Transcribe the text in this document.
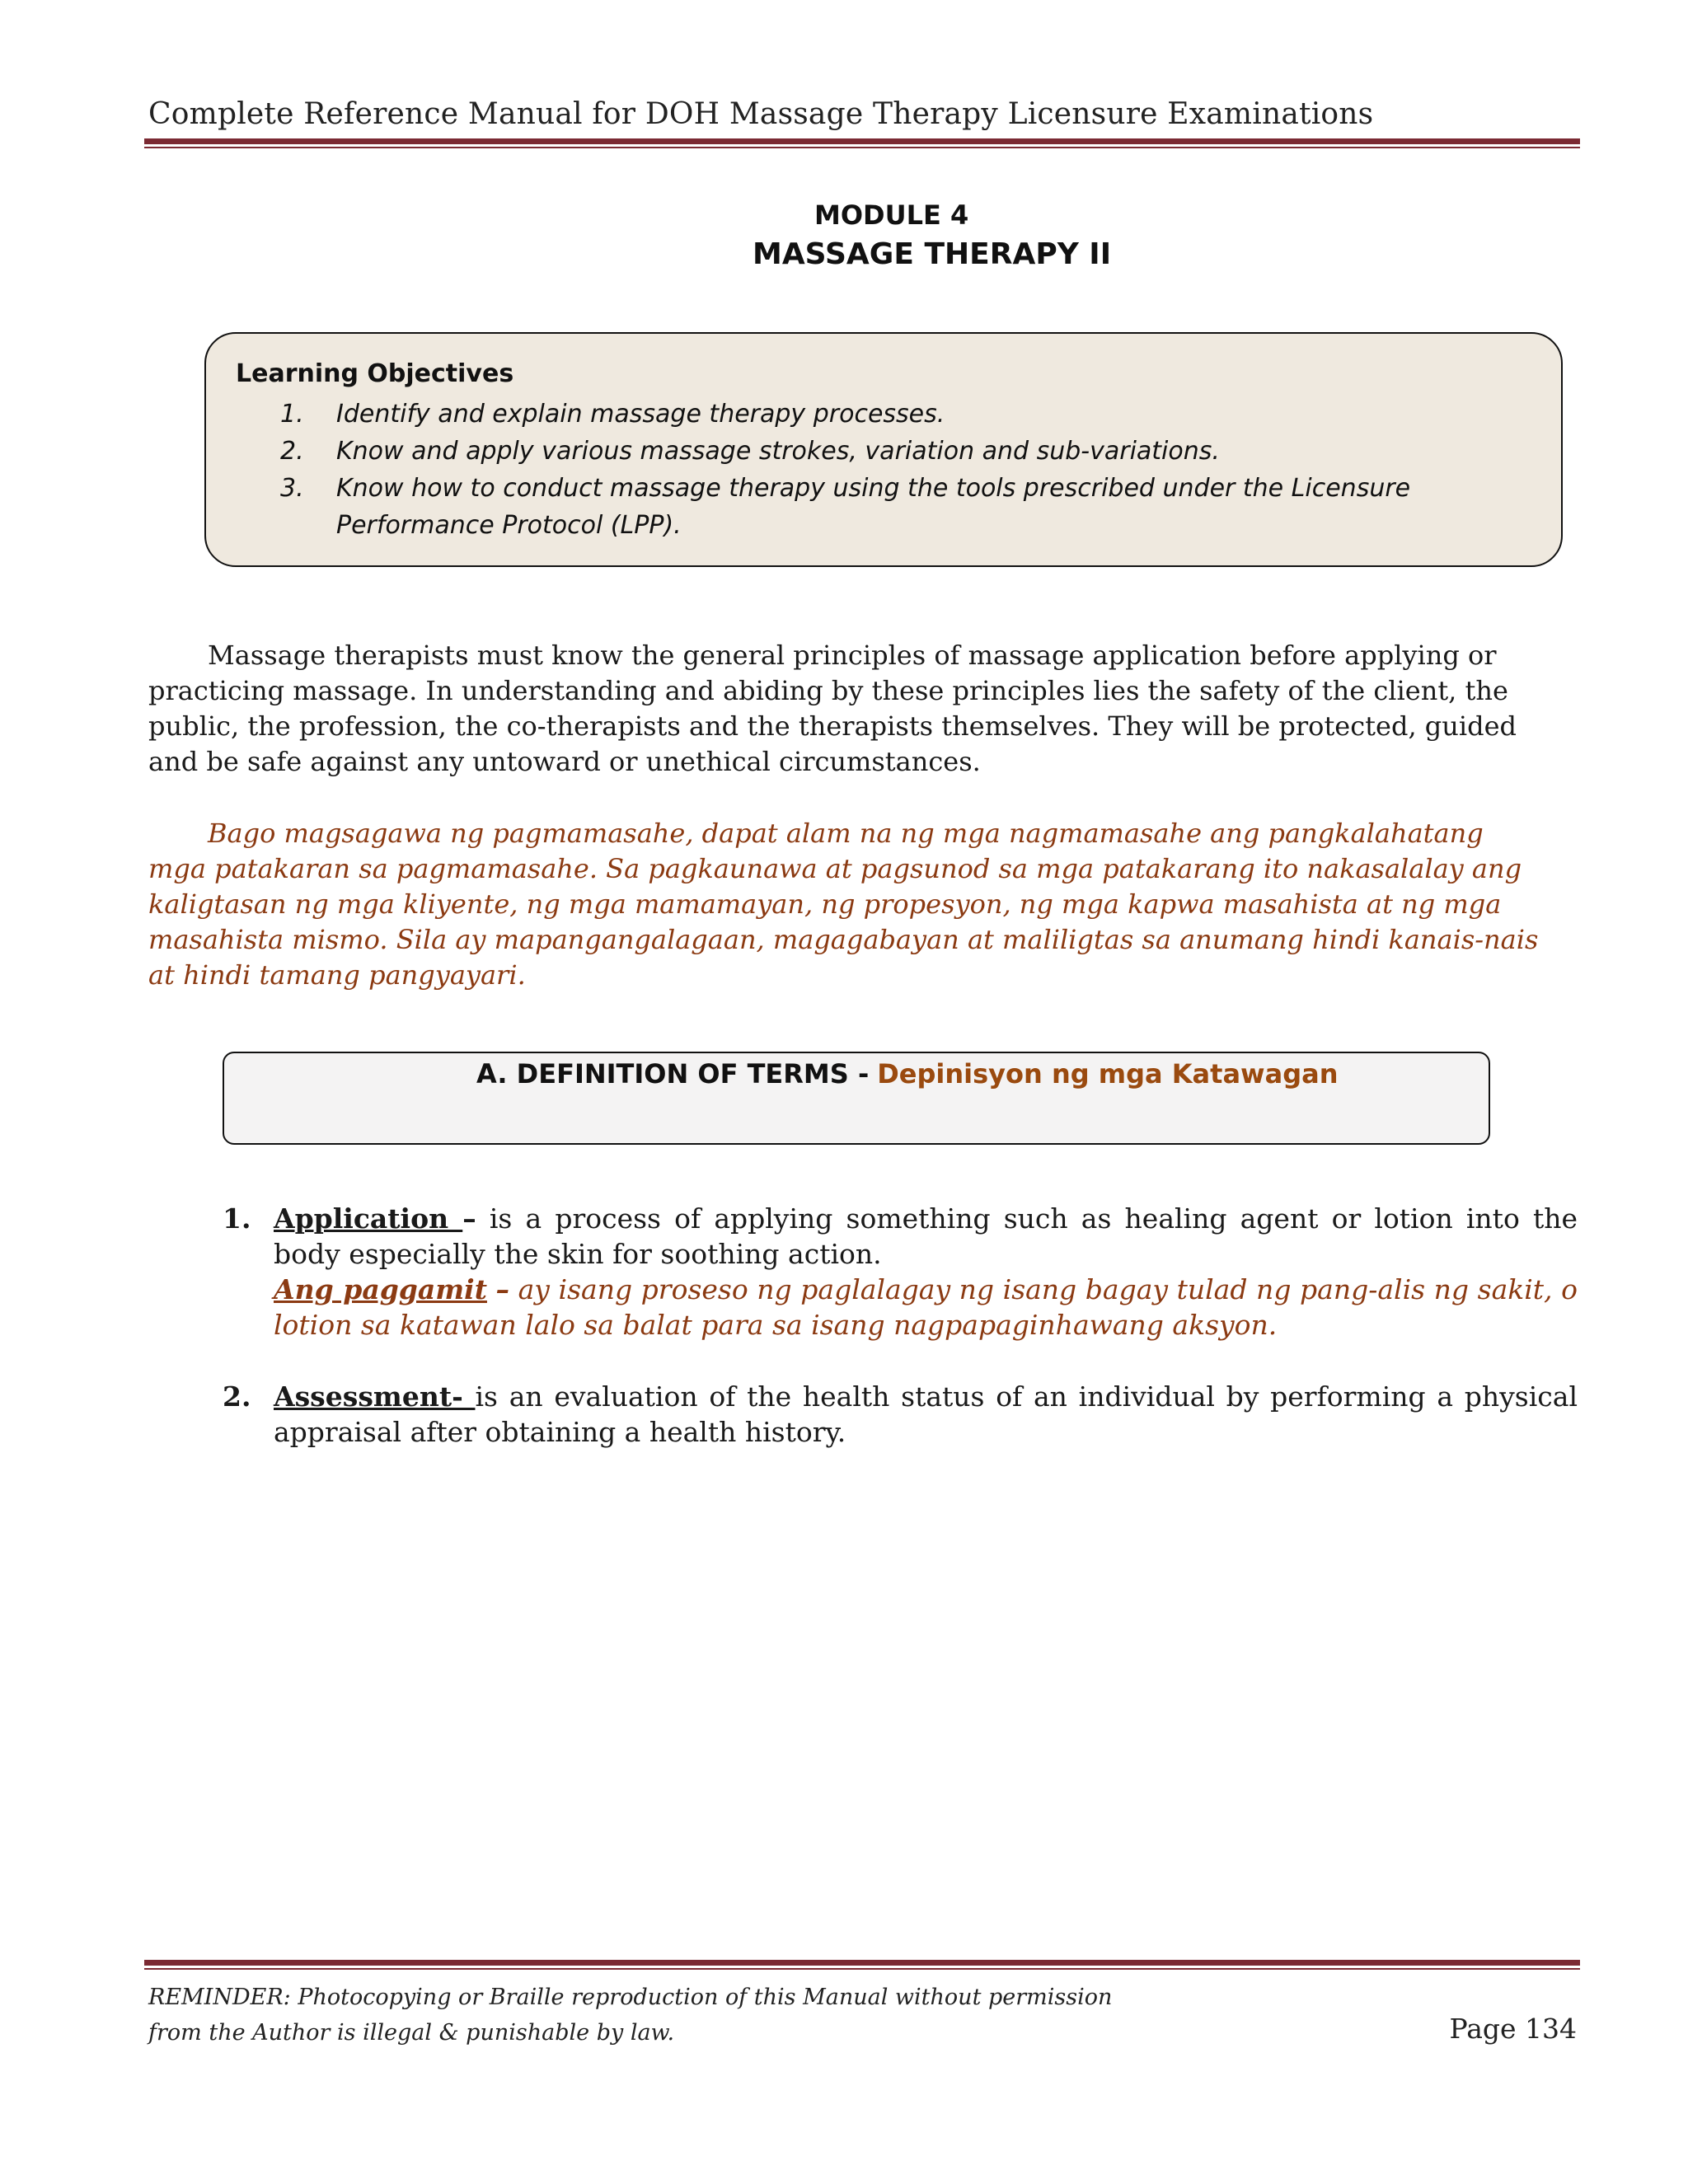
Complete Reference Manual for DOH Massage Therapy Licensure Examinations
MODULE 4
MASSAGE THERAPY II
Learning Objectives
1.	Identify and explain massage therapy processes.
2.	Know and apply various massage strokes, variation and sub-variations.
3.	Know how to conduct massage therapy using the tools prescribed under the Licensure Performance Protocol (LPP).
Massage therapists must know the general principles of massage application before applying or practicing massage. In understanding and abiding by these principles lies the safety of the client, the public, the profession, the co-therapists and the therapists themselves. They will be protected, guided and be safe against any untoward or unethical circumstances.
Bago magsagawa ng pagmamasahe, dapat alam na ng mga nagmamasahe ang pangkalahatang mga patakaran sa pagmamasahe. Sa pagkaunawa at pagsunod sa mga patakarang ito nakasalalay ang kaligtasan ng mga kliyente, ng mga mamamayan, ng propesyon, ng mga kapwa masahista at ng mga masahista mismo. Sila ay mapangangalagaan, magagabayan at maliligtas sa anumang hindi kanais-nais at hindi tamang pangyayari.
A. DEFINITION OF TERMS - Depinisyon ng mga Katawagan
1. Application – is a process of applying something such as healing agent or lotion into the body especially the skin for soothing action.
Ang paggamit – ay isang proseso ng paglalagay ng isang bagay tulad ng pang-alis ng sakit, o lotion sa katawan lalo sa balat para sa isang nagpapaginhawang aksyon.
2. Assessment- is an evaluation of the health status of an individual by performing a physical appraisal after obtaining a health history.
REMINDER: Photocopying or Braille reproduction of this Manual without permission
from the Author is illegal & punishable by law.	Page 134
